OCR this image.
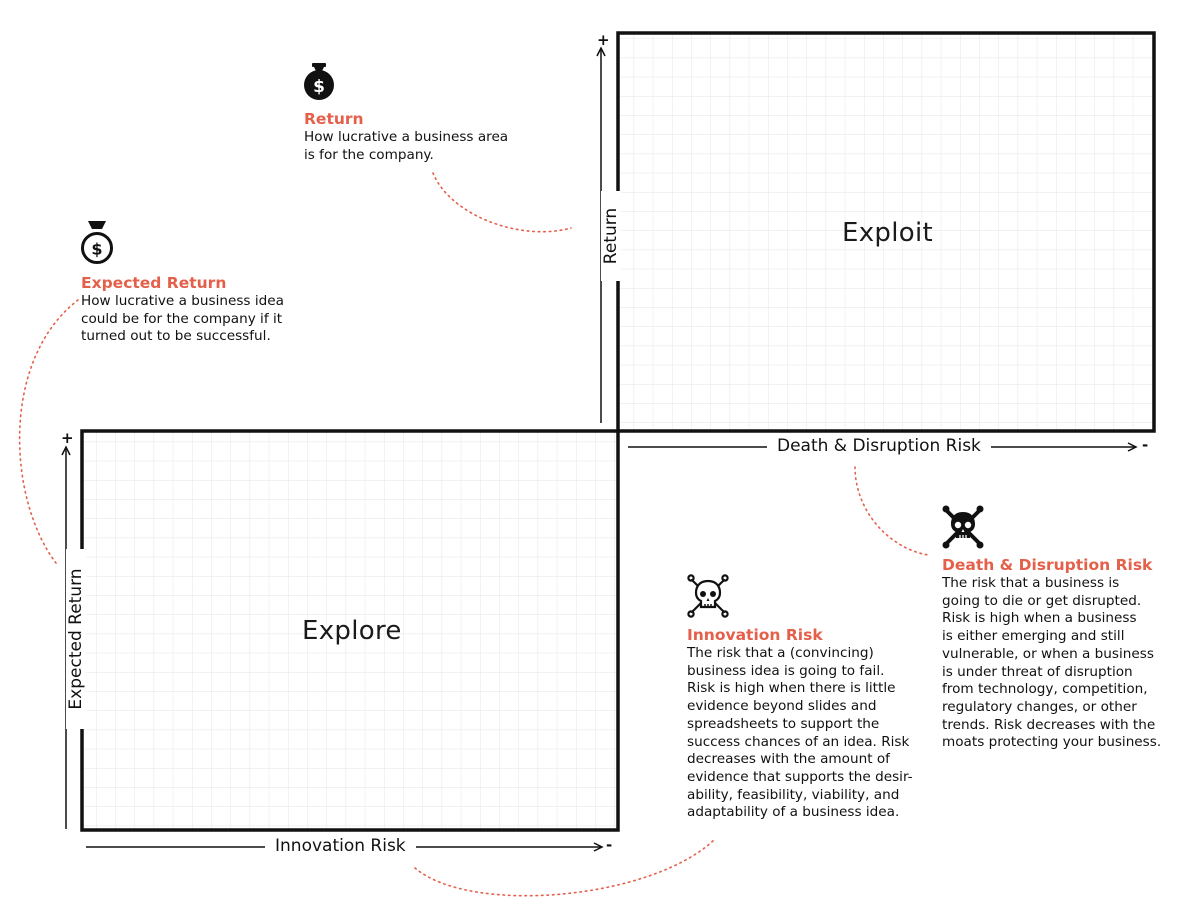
Exploit
Explore
Return
Death & Disruption Risk
Expected Return
Innovation Risk
+
+	-
-
$
Return
How lucrative a business area
is for the company.
$
Expected Return
How lucrative a business idea
could be for the company if it
turned out to be successful.
Innovation Risk
The risk that a (convincing)
business idea is going to fail.
Risk is high when there is little
evidence beyond slides and
spreadsheets to support the
success chances of an idea. Risk
decreases with the amount of
evidence that supports the desir-
ability, feasibility, viability, and
adaptability of a business idea.
Death & Disruption Risk
The risk that a business is
going to die or get disrupted.
Risk is high when a business
is either emerging and still
vulnerable, or when a business
is under threat of disruption
from technology, competition,
regulatory changes, or other
trends. Risk decreases with the
moats protecting your business.
